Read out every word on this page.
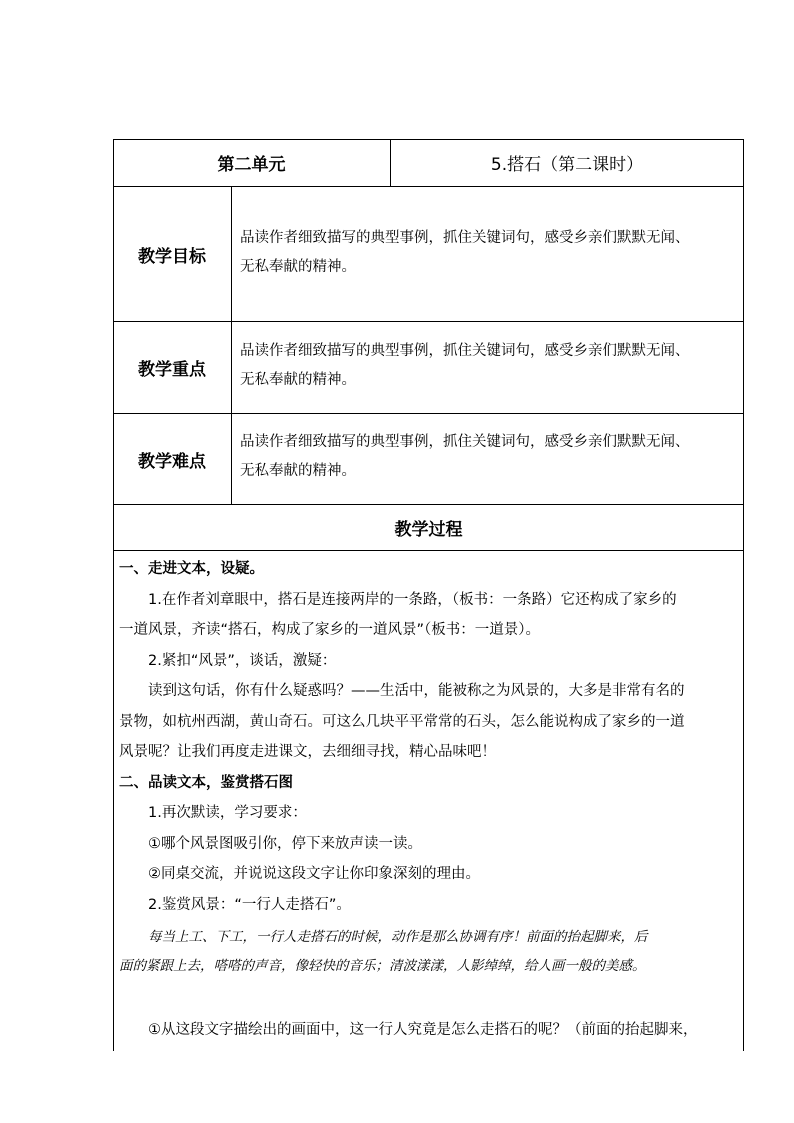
第二单元	5.搭石（第二课时）
教学目标
品读作者细致描写的典型事例，抓住关键词句，感受乡亲们默默无闻、
无私奉献的精神。
教学重点
品读作者细致描写的典型事例，抓住关键词句，感受乡亲们默默无闻、
无私奉献的精神。
教学难点
品读作者细致描写的典型事例，抓住关键词句，感受乡亲们默默无闻、
无私奉献的精神。
教学过程
一、走进文本，设疑。
1.在作者刘章眼中，搭石是连接两岸的一条路，（板书：一条路）它还构成了家乡的
一道风景，齐读“搭石，构成了家乡的一道风景”（板书：一道景）。
2.紧扣“风景”，谈话，激疑：
读到这句话，你有什么疑惑吗？——生活中，能被称之为风景的，大多是非常有名的
景物，如杭州西湖，黄山奇石。可这么几块平平常常的石头，怎么能说构成了家乡的一道
风景呢？让我们再度走进课文，去细细寻找，精心品味吧！
二、品读文本，鉴赏搭石图
1.再次默读，学习要求：
①哪个风景图吸引你，停下来放声读一读。
②同桌交流，并说说这段文字让你印象深刻的理由。
2.鉴赏风景：“一行人走搭石”。
每当上工、下工，一行人走搭石的时候，动作是那么协调有序！前面的抬起脚来，后
面的紧跟上去，嗒嗒的声音，像轻快的音乐；清波漾漾，人影绰绰，给人画一般的美感。
①从这段文字描绘出的画面中，这一行人究竟是怎么走搭石的呢？（前面的抬起脚来，
